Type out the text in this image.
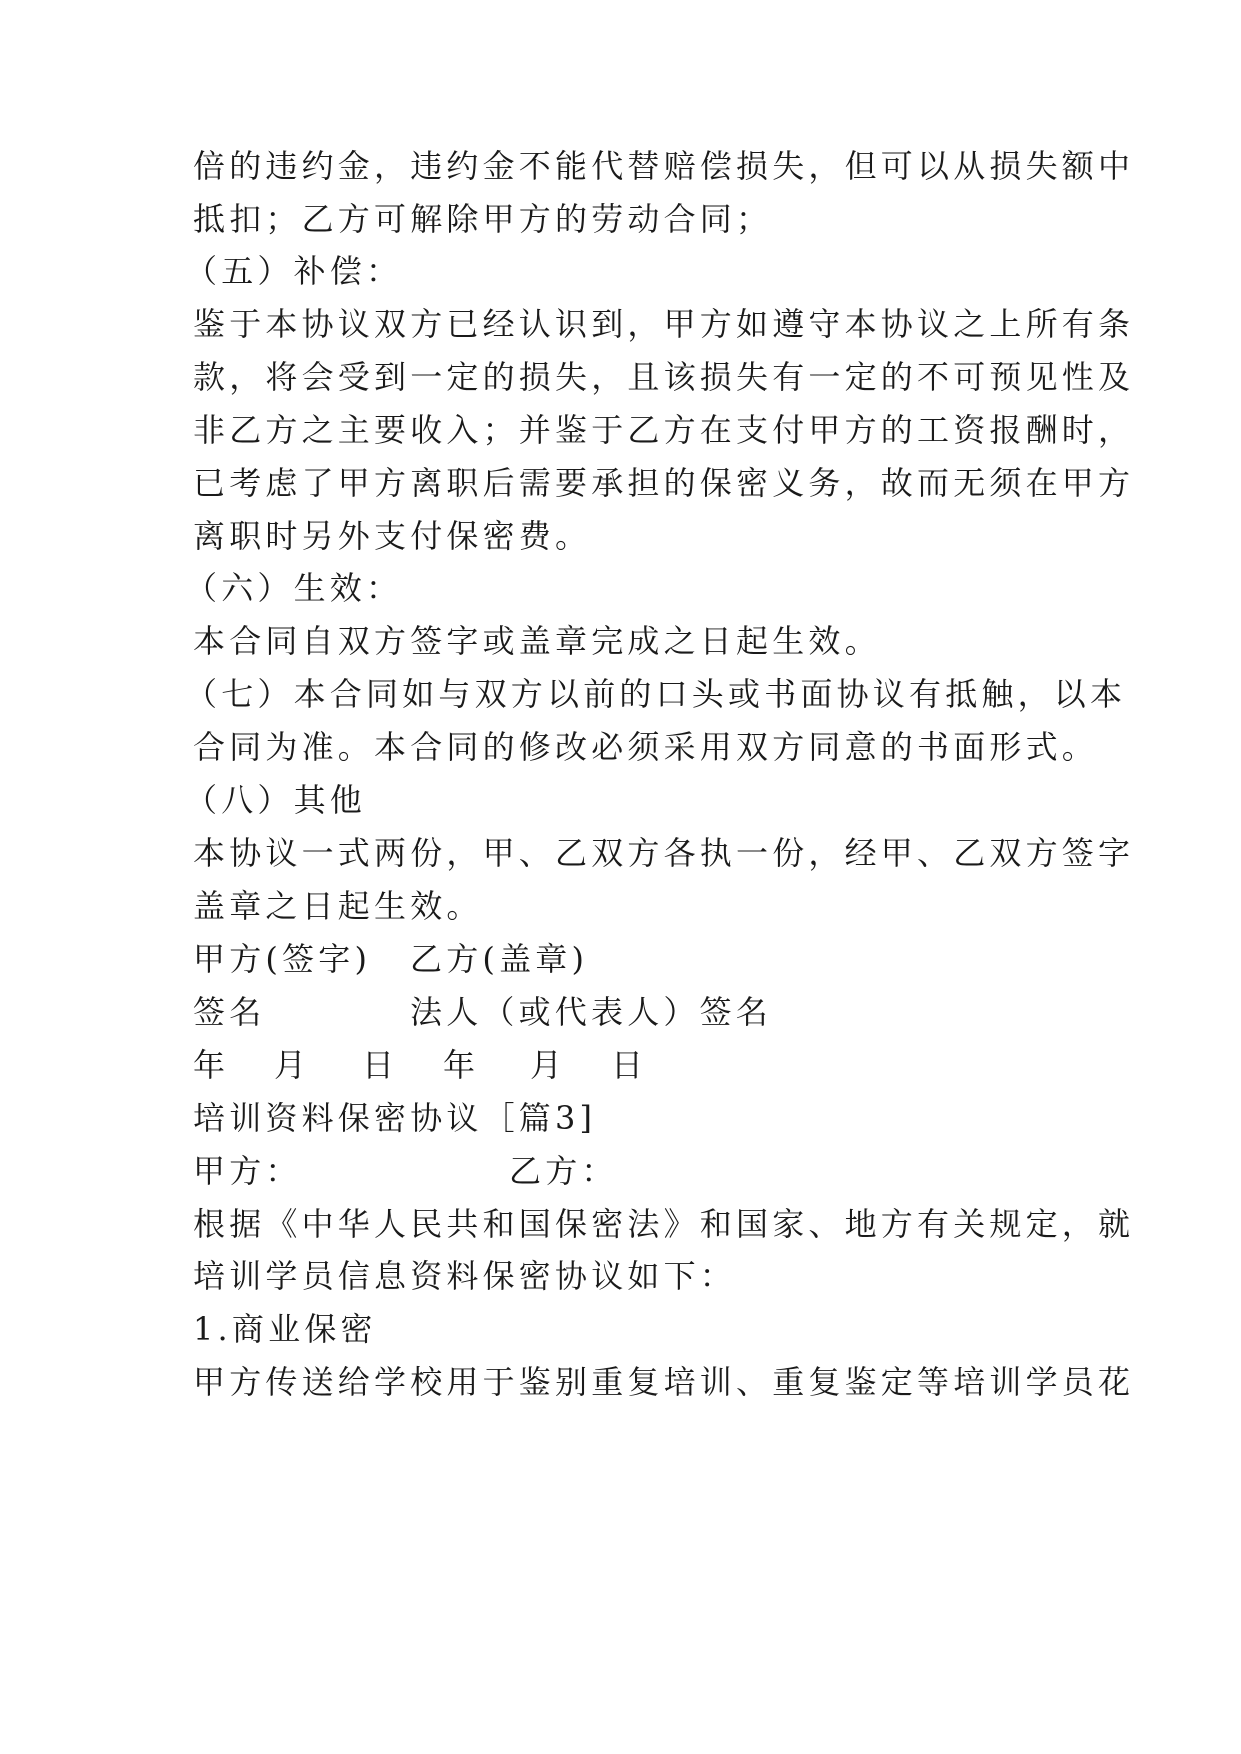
倍的违约金，违约金不能代替赔偿损失，但可以从损失额中
抵扣；乙方可解除甲方的劳动合同；
（五）补偿：
鉴于本协议双方已经认识到，甲方如遵守本协议之上所有条
款，将会受到一定的损失，且该损失有一定的不可预见性及
非乙方之主要收入；并鉴于乙方在支付甲方的工资报酬时，
已考虑了甲方离职后需要承担的保密义务，故而无须在甲方
离职时另外支付保密费。
（六）生效：
本合同自双方签字或盖章完成之日起生效。
（七）本合同如与双方以前的口头或书面协议有抵触，以本
合同为准。本合同的修改必须采用双方同意的书面形式。
（八）其他
本协议一式两份，甲、乙双方各执一份，经甲、乙双方签字
盖章之日起生效。
甲方(签字) 乙方(盖章)
签名	法人（或代表人）签名
年 月 日 年 月 日
培训资料保密协议［篇3]
甲方：	乙方：
根据《中华人民共和国保密法》和国家、地方有关规定，就
培训学员信息资料保密协议如下：
1.商业保密
甲方传送给学校用于鉴别重复培训、重复鉴定等培训学员花
